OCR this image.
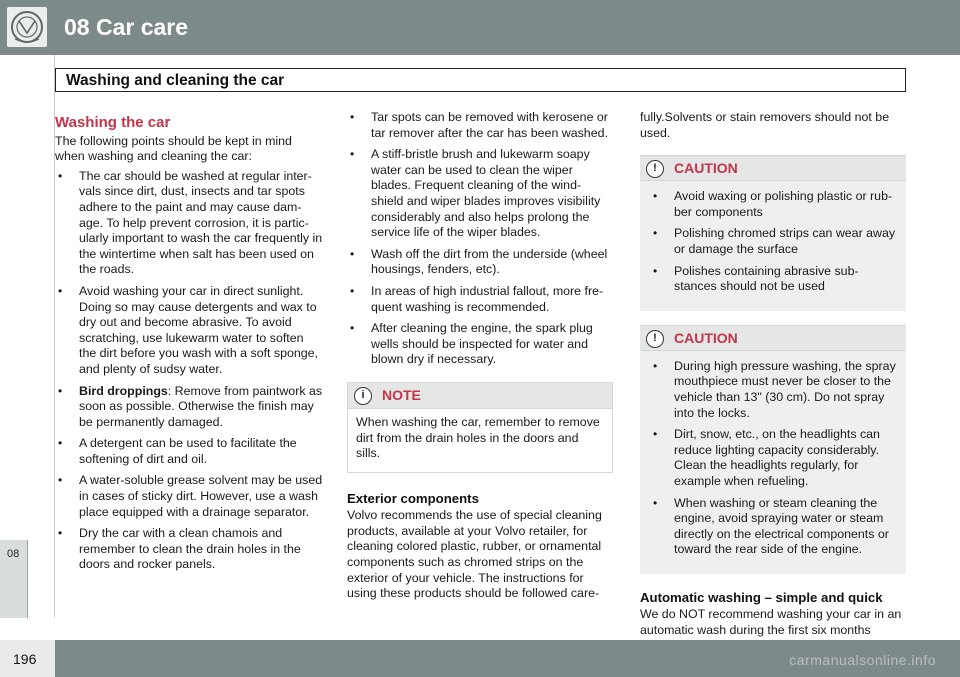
08 Car care
Washing and cleaning the car
08
Washing the car

The following points should be kept in mind when washing and cleaning the car:

• The car should be washed at regular inter-vals since dirt, dust, insects and tar spots adhere to the paint and may cause dam-age. To help prevent corrosion, it is partic-ularly important to wash the car frequently in the wintertime when salt has been used on the roads.
• Avoid washing your car in direct sunlight. Doing so may cause detergents and wax to dry out and become abrasive. To avoid scratching, use lukewarm water to soften the dirt before you wash with a soft sponge, and plenty of sudsy water.
• Bird droppings: Remove from paintwork as soon as possible. Otherwise the finish may be permanently damaged.
• A detergent can be used to facilitate the softening of dirt and oil.
• A water-soluble grease solvent may be used in cases of sticky dirt. However, use a wash place equipped with a drainage separator.
• Dry the car with a clean chamois and remember to clean the drain holes in the doors and rocker panels.
• Tar spots can be removed with kerosene or tar remover after the car has been washed.
• A stiff-bristle brush and lukewarm soapy water can be used to clean the wiper blades. Frequent cleaning of the wind-shield and wiper blades improves visibility considerably and also helps prolong the service life of the wiper blades.
• Wash off the dirt from the underside (wheel housings, fenders, etc).
• In areas of high industrial fallout, more fre-quent washing is recommended.
• After cleaning the engine, the spark plug wells should be inspected for water and blown dry if necessary.
i	NOTE
When washing the car, remember to remove dirt from the drain holes in the doors and sills.
Exterior components

Volvo recommends the use of special cleaning products, available at your Volvo retailer, for cleaning colored plastic, rubber, or ornamental components such as chromed strips on the exterior of your vehicle. The instructions for using these products should be followed care-

fully.Solvents or stain removers should not be used.

!	CAUTION
• Avoid waxing or polishing plastic or rub-ber components
• Polishing chromed strips can wear away or damage the surface
• Polishes containing abrasive sub-stances should not be used
!	CAUTION
• During high pressure washing, the spray mouthpiece must never be closer to the vehicle than 13" (30 cm). Do not spray into the locks.
• Dirt, snow, etc., on the headlights can reduce lighting capacity considerably. Clean the headlights regularly, for example when refueling.
• When washing or steam cleaning the engine, avoid spraying water or steam directly on the electrical components or toward the rear side of the engine.
Automatic washing – simple and quick

We do NOT recommend washing your car in an automatic wash during the first six months

196	carmanualsonline.info
